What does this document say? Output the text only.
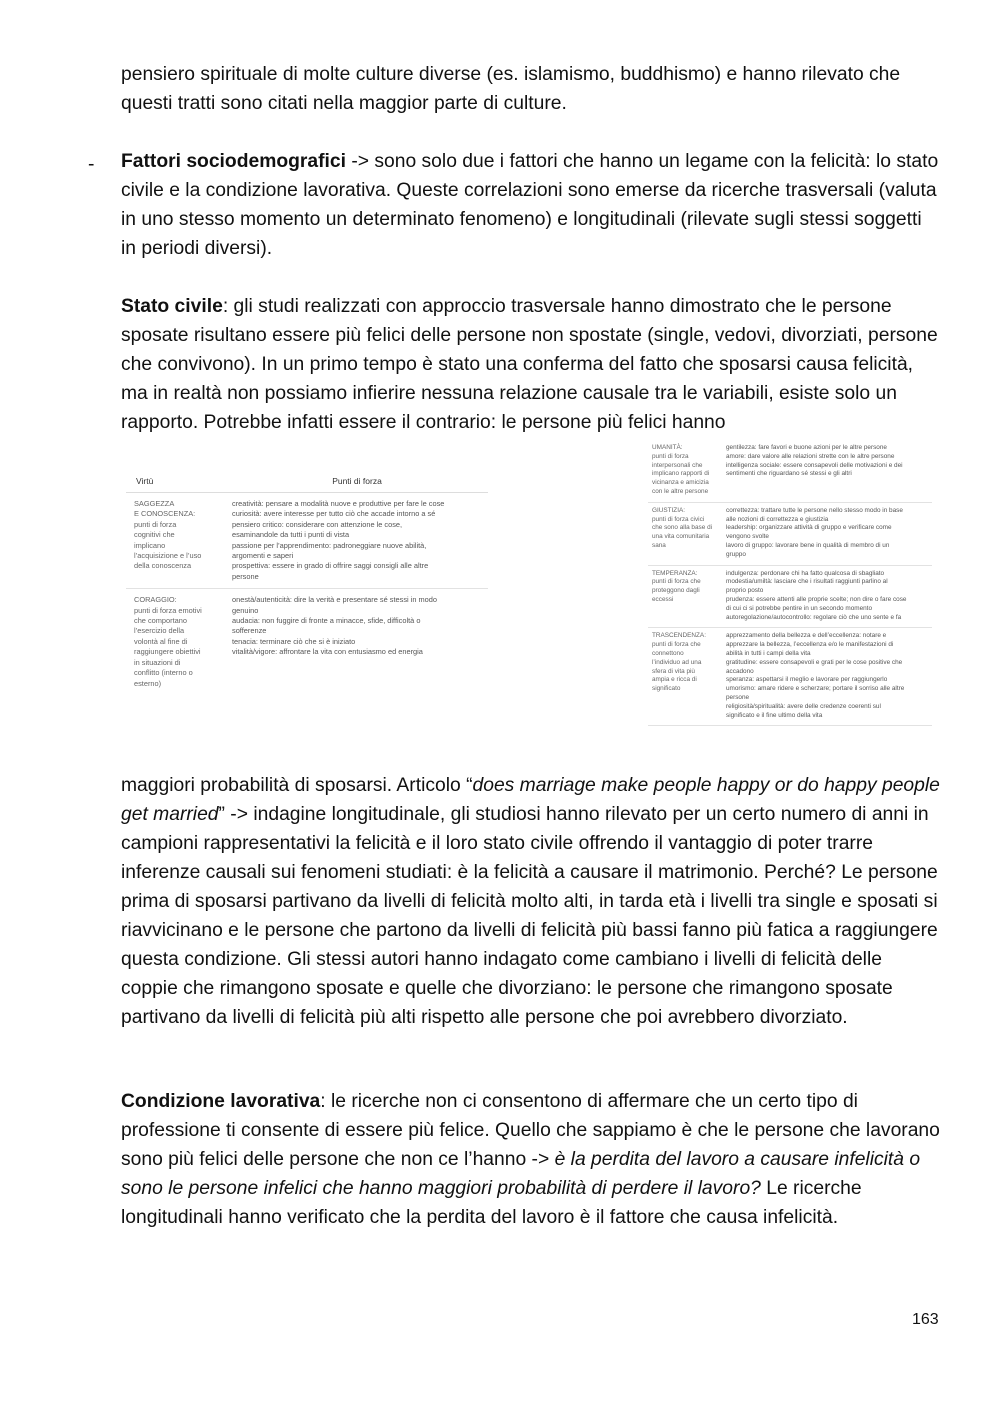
pensiero spirituale di molte culture diverse (es. islamismo, buddhismo) e hanno rilevato che questi tratti sono citati nella maggior parte di culture.

- Fattori sociodemografici -> sono solo due i fattori che hanno un legame con la felicità: lo stato civile e la condizione lavorativa. Queste correlazioni sono emerse da ricerche trasversali (valuta in uno stesso momento un determinato fenomeno) e longitudinali (rilevate sugli stessi soggetti in periodi diversi).

Stato civile: gli studi realizzati con approccio trasversale hanno dimostrato che le persone sposate risultano essere più felici delle persone non spostate (single, vedovi, divorziati, persone che convivono). In un primo tempo è stato una conferma del fatto che sposarsi causa felicità, ma in realtà non possiamo infierire nessuna relazione causale tra le variabili, esiste solo un rapporto. Potrebbe infatti essere il contrario: le persone più felici hanno

Virtù	Punti di forza
SAGGEZZA
E CONOSCENZA:
punti di forza
cognitivi che
implicano
l’acquisizione e l’uso
della conoscenza
creatività: pensare a modalità nuove e produttive per fare le cose
curiosità: avere interesse per tutto ciò che accade intorno a sé
pensiero critico: considerare con attenzione le cose,
esaminandole da tutti i punti di vista
passione per l’apprendimento: padroneggiare nuove abilità,
argomenti e saperi
prospettiva: essere in grado di offrire saggi consigli alle altre
persone
CORAGGIO:
punti di forza emotivi
che comportano
l’esercizio della
volontà al fine di
raggiungere obiettivi
in situazioni di
conflitto (interno o
esterno)
onestà/autenticità: dire la verità e presentare sé stessi in modo
genuino
audacia: non fuggire di fronte a minacce, sfide, difficoltà o
sofferenze
tenacia: terminare ciò che si è iniziato
vitalità/vigore: affrontare la vita con entusiasmo ed energia
UMANITÀ:
punti di forza
interpersonali che
implicano rapporti di
vicinanza e amicizia
con le altre persone
gentilezza: fare favori e buone azioni per le altre persone
amore: dare valore alle relazioni strette con le altre persone
intelligenza sociale: essere consapevoli delle motivazioni e dei
sentimenti che riguardano sé stessi e gli altri
GIUSTIZIA:
punti di forza civici
che sono alla base di
una vita comunitaria
sana
correttezza: trattare tutte le persone nello stesso modo in base
alle nozioni di correttezza e giustizia
leadership: organizzare attività di gruppo e verificare come
vengono svolte
lavoro di gruppo: lavorare bene in qualità di membro di un
gruppo
TEMPERANZA:
punti di forza che
proteggono dagli
eccessi
indulgenza: perdonare chi ha fatto qualcosa di sbagliato
modestia/umiltà: lasciare che i risultati raggiunti parlino al
proprio posto
prudenza: essere attenti alle proprie scelte; non dire o fare cose
di cui ci si potrebbe pentire in un secondo momento
autoregolazione/autocontrollo: regolare ciò che uno sente e fa
TRASCENDENZA:
punti di forza che
connettono
l’individuo ad una
sfera di vita più
ampia e ricca di
significato
apprezzamento della bellezza e dell’eccellenza: notare e
apprezzare la bellezza, l’eccellenza e/o le manifestazioni di
abilità in tutti i campi della vita
gratitudine: essere consapevoli e grati per le cose positive che
accadono
speranza: aspettarsi il meglio e lavorare per raggiungerlo
umorismo: amare ridere e scherzare; portare il sorriso alle altre
persone
religiosità/spiritualità: avere delle credenze coerenti sul
significato e il fine ultimo della vita

maggiori probabilità di sposarsi. Articolo “does marriage make people happy or do happy people get married” -> indagine longitudinale, gli studiosi hanno rilevato per un certo numero di anni in campioni rappresentativi la felicità e il loro stato civile offrendo il vantaggio di poter trarre inferenze causali sui fenomeni studiati: è la felicità a causare il matrimonio. Perché? Le persone prima di sposarsi partivano da livelli di felicità molto alti, in tarda età i livelli tra single e sposati si riavvicinano e le persone che partono da livelli di felicità più bassi fanno più fatica a raggiungere questa condizione. Gli stessi autori hanno indagato come cambiano i livelli di felicità delle coppie che rimangono sposate e quelle che divorziano: le persone che rimangono sposate partivano da livelli di felicità più alti rispetto alle persone che poi avrebbero divorziato.

Condizione lavorativa: le ricerche non ci consentono di affermare che un certo tipo di professione ti consente di essere più felice. Quello che sappiamo è che le persone che lavorano sono più felici delle persone che non ce l’hanno -> è la perdita del lavoro a causare infelicità o sono le persone infelici che hanno maggiori probabilità di perdere il lavoro? Le ricerche longitudinali hanno verificato che la perdita del lavoro è il fattore che causa infelicità.

163
